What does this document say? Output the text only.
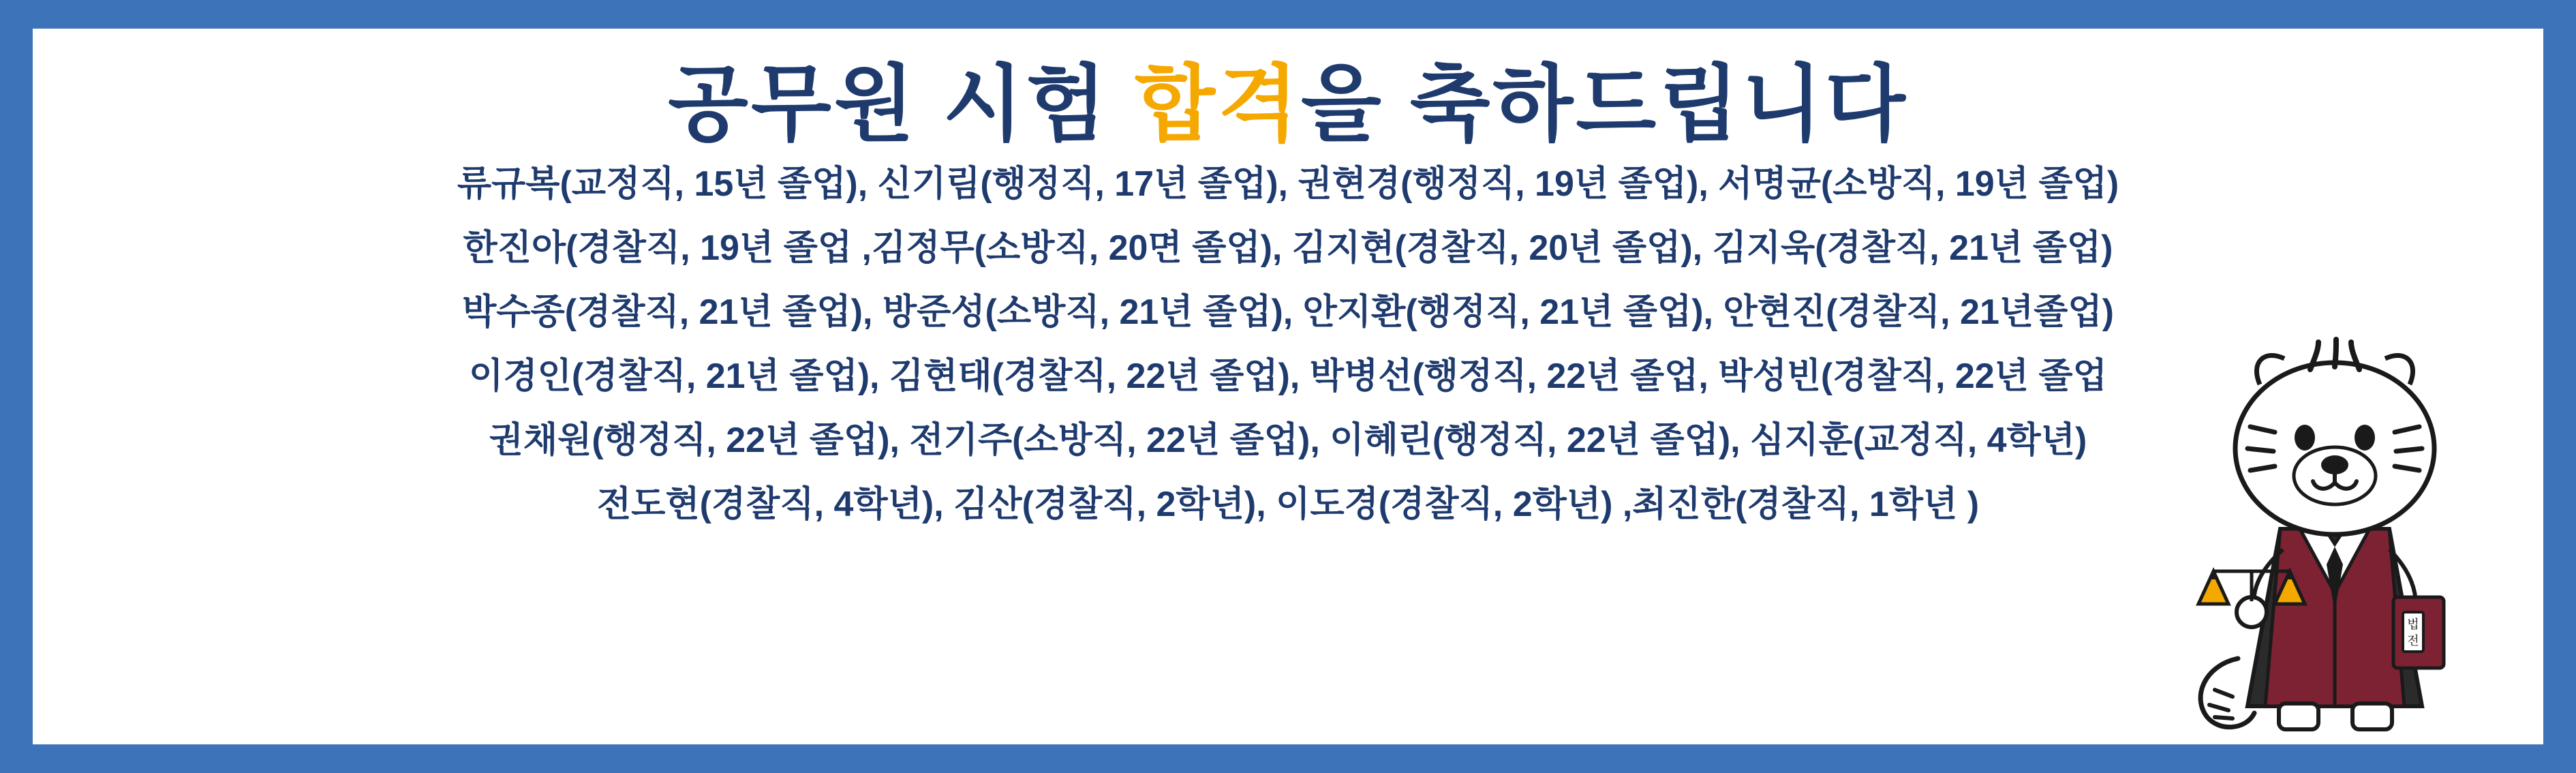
공무원 시험 합격을 축하드립니다
류규복(교정직, 15년 졸업), 신기림(행정직, 17년 졸업), 권현경(행정직, 19년 졸업), 서명균(소방직, 19년 졸업)
한진아(경찰직, 19년 졸업 ,김정무(소방직, 20면 졸업), 김지현(경찰직, 20년 졸업), 김지욱(경찰직, 21년 졸업)
박수종(경찰직, 21년 졸업), 방준성(소방직, 21년 졸업), 안지환(행정직, 21년 졸업), 안현진(경찰직, 21년졸업)
이경인(경찰직, 21년 졸업), 김현태(경찰직, 22년 졸업), 박병선(행정직, 22년 졸업, 박성빈(경찰직, 22년 졸업
권채원(행정직, 22년 졸업), 전기주(소방직, 22년 졸업), 이혜린(행정직, 22년 졸업), 심지훈(교정직, 4학년)
전도현(경찰직, 4학년), 김산(경찰직, 2학년), 이도경(경찰직, 2학년) ,최진한(경찰직, 1학년 )
법
전
